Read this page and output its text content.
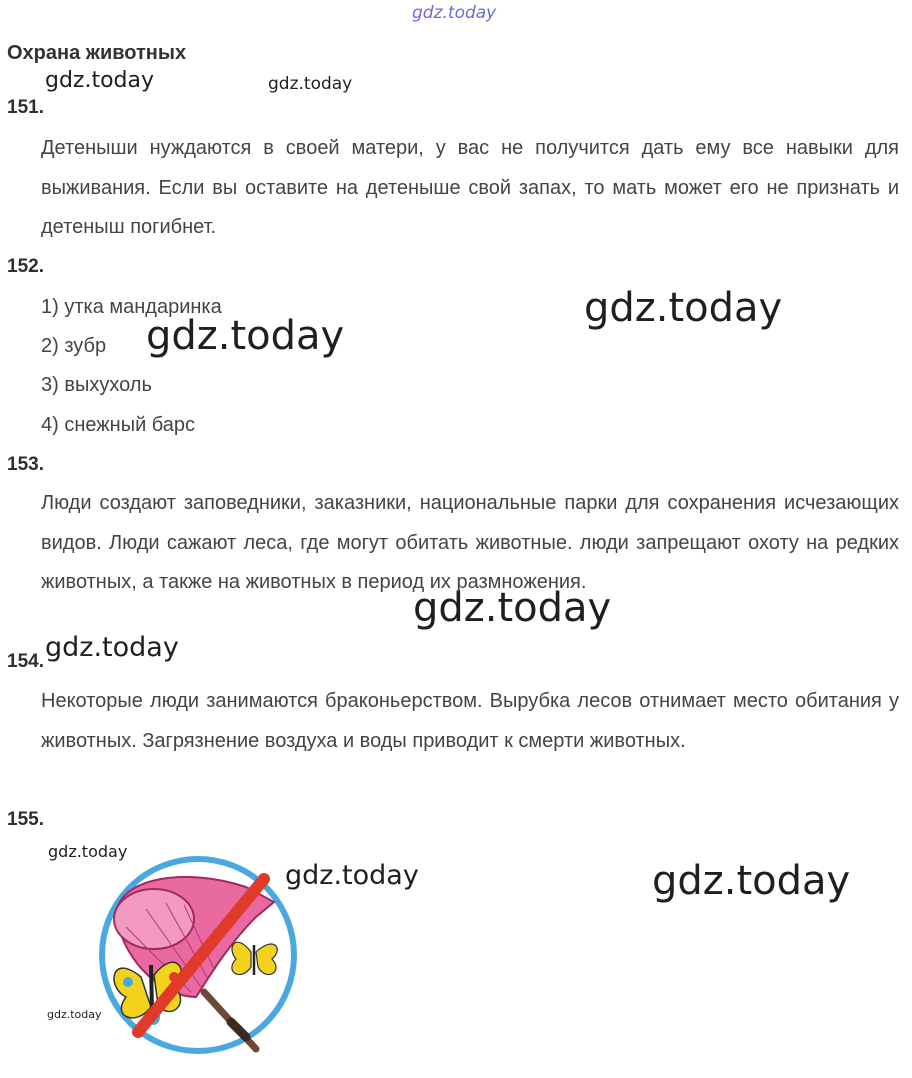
gdz.today
Охрана животных
gdz.today	gdz.today
151.
Детеныши нуждаются в своей матери, у вас не получится дать ему все навыки для выживания. Если вы оставите на детеныше свой запах, то мать может его не признать и детеныш погибнет.
152.
1) утка мандаринка
2) зубр
3) выхухоль
4) снежный барс
gdz.today
gdz.today
153.
Люди создают заповедники, заказники, национальные парки для сохранения исчезающих видов. Люди сажают леса, где могут обитать животные. люди запрещают охоту на редких животных, а также на животных в период их размножения.
gdz.today
154. gdz.today
Некоторые люди занимаются браконьерством. Вырубка лесов отнимает место обитания у животных. Загрязнение воздуха и воды приводит к смерти животных.
155.
gdz.today
gdz.today	gdz.today
gdz.today
